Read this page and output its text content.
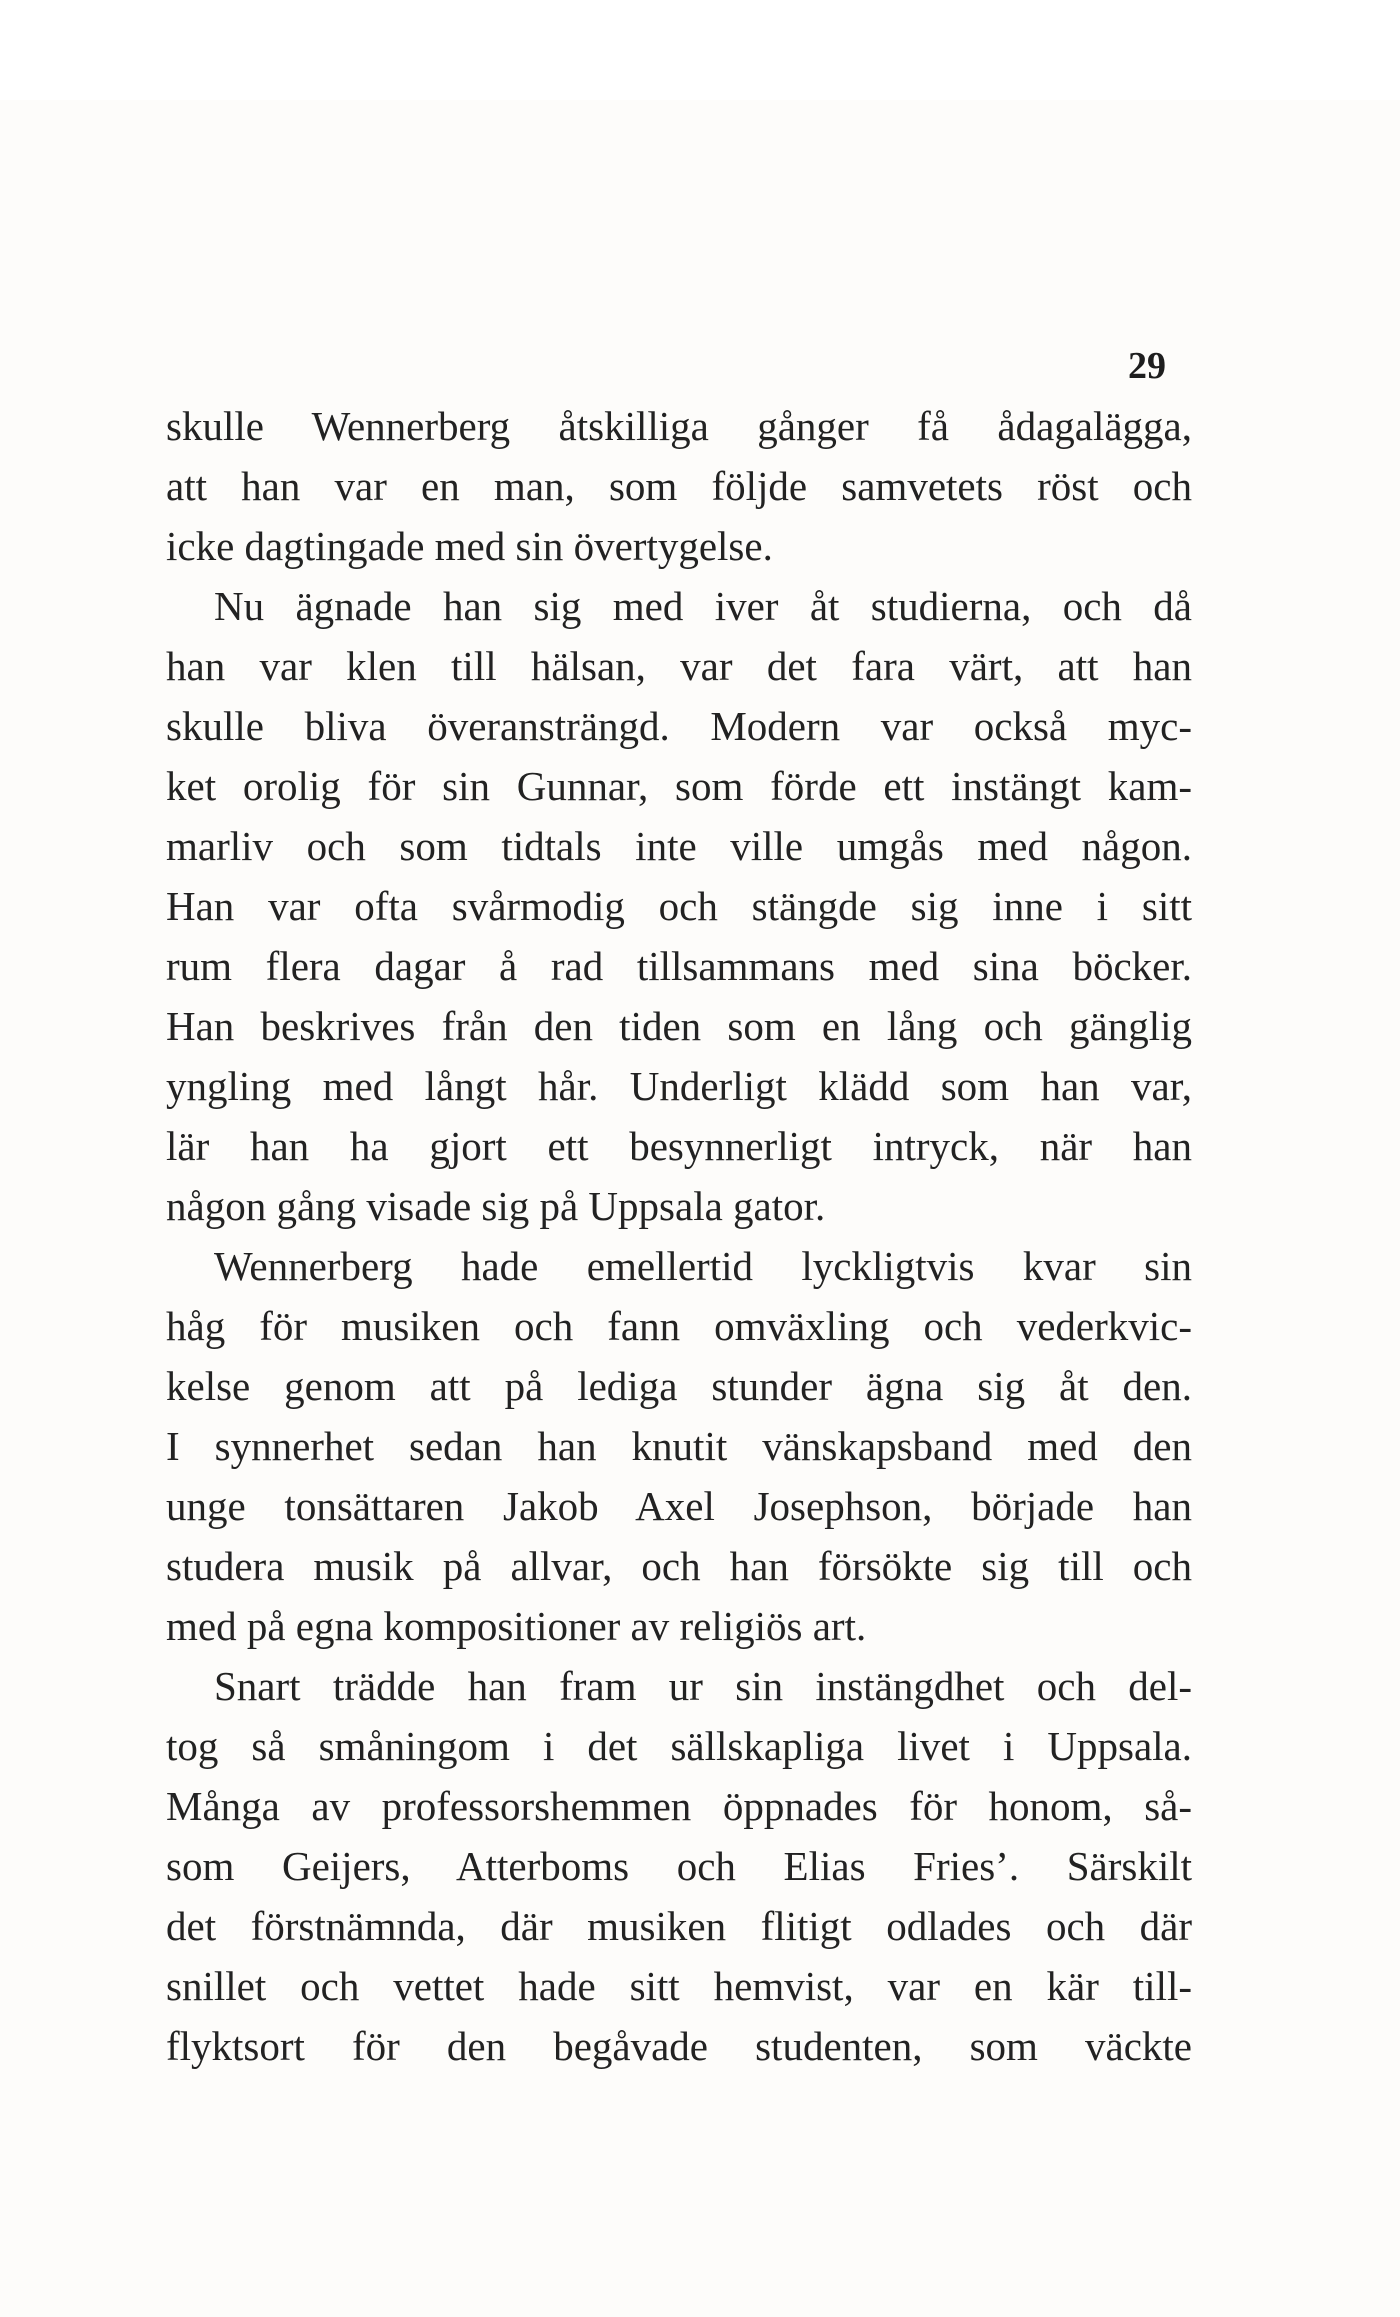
29
skulle Wennerberg åtskilliga gånger få ådagalägga,
att han var en man, som följde samvetets röst och
icke dagtingade med sin övertygelse.
Nu ägnade han sig med iver åt studierna, och då
han var klen till hälsan, var det fara värt, att han
skulle bliva överansträngd. Modern var också myc-
ket orolig för sin Gunnar, som förde ett instängt kam-
marliv och som tidtals inte ville umgås med någon.
Han var ofta svårmodig och stängde sig inne i sitt
rum flera dagar å rad tillsammans med sina böcker.
Han beskrives från den tiden som en lång och gänglig
yngling med långt hår. Underligt klädd som han var,
lär han ha gjort ett besynnerligt intryck, när han
någon gång visade sig på Uppsala gator.
Wennerberg hade emellertid lyckligtvis kvar sin
håg för musiken och fann omväxling och vederkvic-
kelse genom att på lediga stunder ägna sig åt den.
I synnerhet sedan han knutit vänskapsband med den
unge tonsättaren Jakob Axel Josephson, började han
studera musik på allvar, och han försökte sig till och
med på egna kompositioner av religiös art.
Snart trädde han fram ur sin instängdhet och del-
tog så småningom i det sällskapliga livet i Uppsala.
Många av professorshemmen öppnades för honom, så-
som Geijers, Atterboms och Elias Fries’. Särskilt
det förstnämnda, där musiken flitigt odlades och där
snillet och vettet hade sitt hemvist, var en kär till-
flyktsort för den begåvade studenten, som väckte
